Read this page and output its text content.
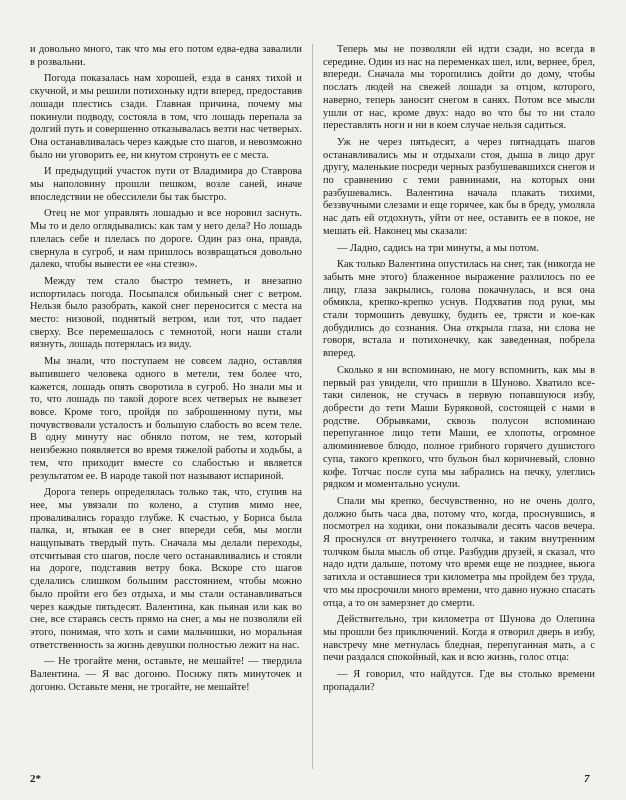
и довольно много, так что мы его потом едва-едва завалили в розвальни.

Погода показалась нам хорошей, езда в санях тихой и скучной, и мы решили потихоньку идти вперед, предоставив лошади плестись сзади. Главная причина, почему мы покинули подводу, состояла в том, что лошадь перепала за долгий путь и совершенно отказывалась везти нас четверых. Она останавливалась через каждые сто шагов, и невозможно было ни уговорить ее, ни кнутом стронуть ее с места.

И предыдущий участок пути от Владимира до Ставрова мы наполовину прошли пешком, возле саней, иначе впоследствии не обессилели бы так быстро.

Отец не мог управлять лошадью и все норовил заснуть. Мы то и дело оглядывались: как там у него дела? Но лошадь плелась себе и плелась по дороге. Один раз она, правда, свернула в сугроб, и нам пришлось возвращаться довольно далеко, чтобы вывести ее «на стезю».

Между тем стало быстро темнеть, и внезапно испортилась погода. Посыпался обильный снег с ветром. Нельзя было разобрать, какой снег переносится с места на место: низовой, поднятый ветром, или тот, что падает сверху. Все перемешалось с темнотой, ноги наши стали вязнуть, лошадь потерялась из виду.

Мы знали, что поступаем не совсем ладно, оставляя выпившего человека одного в метели, тем более что, кажется, лошадь опять своротила в сугроб. Но знали мы и то, что лошадь по такой дороге всех четверых не вывезет вовсе. Кроме того, пройдя по заброшенному пути, мы почувствовали усталость и большую слабость во всем теле. В одну минуту нас обняло потом, не тем, который неизбежно появляется во время тяжелой работы и ходьбы, а тем, что приходит вместе со слабостью и является результатом ее. В народе такой пот называют испариной.

Дорога теперь определялась только так, что, ступив на нее, мы увязали по колено, а ступив мимо нее, проваливались гораздо глубже. К счастью, у Бориса была палка, и, втыкая ее в снег впереди себя, мы могли нащупывать твердый путь. Сначала мы делали переходы, отсчитывая сто шагов, после чего останавливались и стояли на дороге, подставив ветру бока. Вскоре сто шагов сделались слишком большим расстоянием, чтобы можно было пройти его без отдыха, и мы стали останавливаться через каждые пятьдесят. Валентина, как пьяная или как во сне, все стараясь сесть прямо на снег, а мы не позволяли ей этого, понимая, что хоть и сами мальчишки, но моральная ответственность за жизнь девушки полностью лежит на нас.

— Не трогайте меня, оставьте, не мешайте! — твердила Валентина. — Я вас догоню. Посижу пять минуточек и догоню. Оставьте меня, не трогайте, не мешайте!

Теперь мы не позволяли ей идти сзади, но всегда в середине. Один из нас на переменках шел, или, вернее, брел, впереди. Сначала мы торопились дойти до дому, чтобы послать людей на свежей лошади за отцом, которого, наверно, теперь заносит снегом в санях. Потом все мысли ушли от нас, кроме двух: надо во что бы то ни стало переставлять ноги и ни в коем случае нельзя садиться.

Уж не через пятьдесят, а через пятнадцать шагов останавливались мы и отдыхали стоя, дыша в лицо друг другу, маленькие посреди черных разбушевавшихся снегов и по сравнению с теми равнинами, на которых они разбушевались. Валентина начала плакать тихими, беззвучными слезами и еще горячее, как бы в бреду, умоляла нас дать ей отдохнуть, уйти от нее, оставить ее в покое, не мешать ей. Наконец мы сказали:

— Ладно, садись на три минуты, а мы потом.

Как только Валентина опустилась на снег, так (никогда не забыть мне этого) блаженное выражение разлилось по ее лицу, глаза закрылись, голова покачнулась, и вся она обмякла, крепко-крепко уснув. Подхватив под руки, мы стали тормошить девушку, будить ее, трясти и кое-как добудились до сознания. Она открыла глаза, ни слова не говоря, встала и потихонечку, как заведенная, побрела вперед.

Сколько я ни вспоминаю, не могу вспомнить, как мы в первый раз увидели, что пришли в Шуново. Хватило все-таки силенок, не стучась в первую попавшуюся избу, добрести до тети Маши Буряковой, состоящей с нами в родстве. Обрывками, сквозь полусон вспоминаю перепуганное лицо тети Маши, ее хлопоты, огромное алюминиевое блюдо, полное грибного горячего душистого супа, такого крепкого, что бульон был коричневый, словно кофе. Тотчас после супа мы забрались на печку, улеглись рядком и моментально уснули.

Спали мы крепко, бесчувственно, но не очень долго, должно быть часа два, потому что, когда, проснувшись, я посмотрел на ходики, они показывали десять часов вечера. Я проснулся от внутреннего толчка, и таким внутренним толчком была мысль об отце. Разбудив друзей, я сказал, что надо идти дальше, потому что время еще не позднее, вьюга затихла и оставшиеся три километра мы пройдем без труда, что мы просрочили много времени, что давно нужно спасать отца, а то он замерзнет до смерти.

Действительно, три километра от Шунова до Олепина мы прошли без приключений. Когда я отворил дверь в избу, навстречу мне метнулась бледная, перепуганная мать, а с печи раздался спокойный, как и всю жизнь, голос отца:

— Я говорил, что найдутся. Где вы столько времени пропадали?

2*	7
